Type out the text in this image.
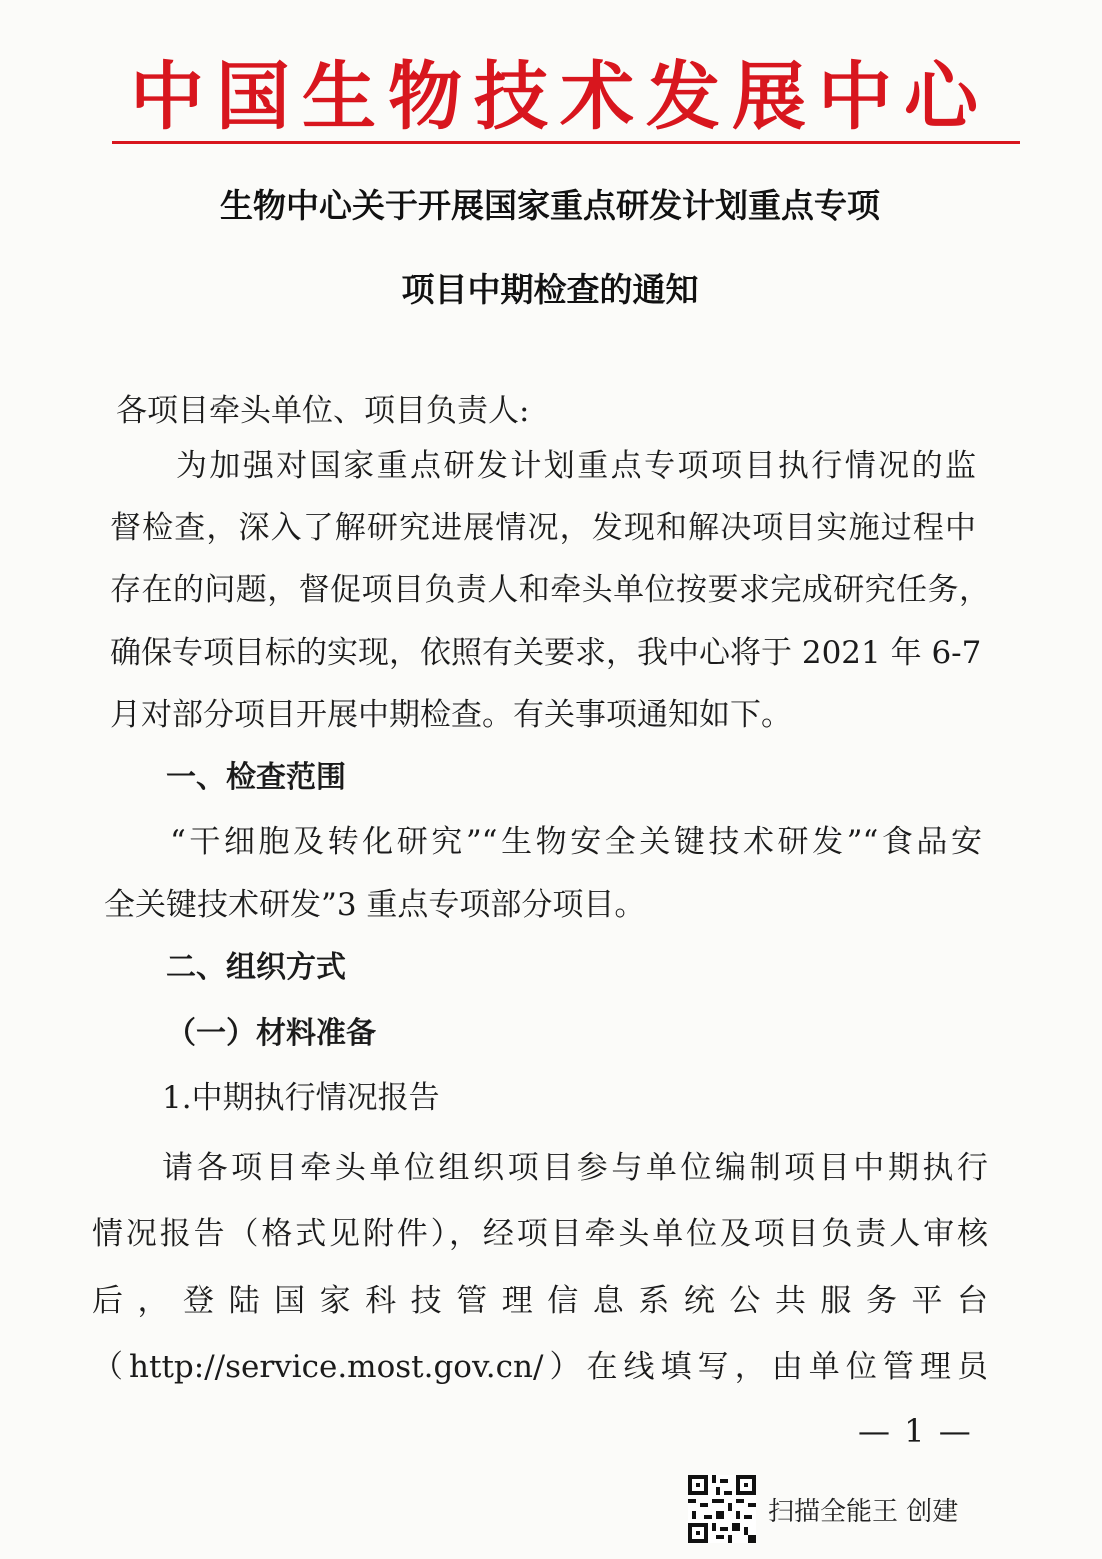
中国生物技术发展中心
生物中心关于开展国家重点研发计划重点专项
项目中期检查的通知
各项目牵头单位、项目负责人:
为加强对国家重点研发计划重点专项项目执行情况的监
督检查，深入了解研究进展情况，发现和解决项目实施过程中
存在的问题，督促项目负责人和牵头单位按要求完成研究任务，
确保专项目标的实现，依照有关要求，我中心将于 2021 年 6-7
月对部分项目开展中期检查。有关事项通知如下。
一、检查范围
“干细胞及转化研究”“生物安全关键技术研发”“食品安
全关键技术研发”3 重点专项部分项目。
二、组织方式
（一）材料准备
1.中期执行情况报告
请各项目牵头单位组织项目参与单位编制项目中期执行
情况报告（格式见附件），经项目牵头单位及项目负责人审核
后，登陆国家科技管理信息系统公共服务平台
（http://service.most.gov.cn/）在线填写，由单位管理员
— 1 —
扫描全能王 创建
